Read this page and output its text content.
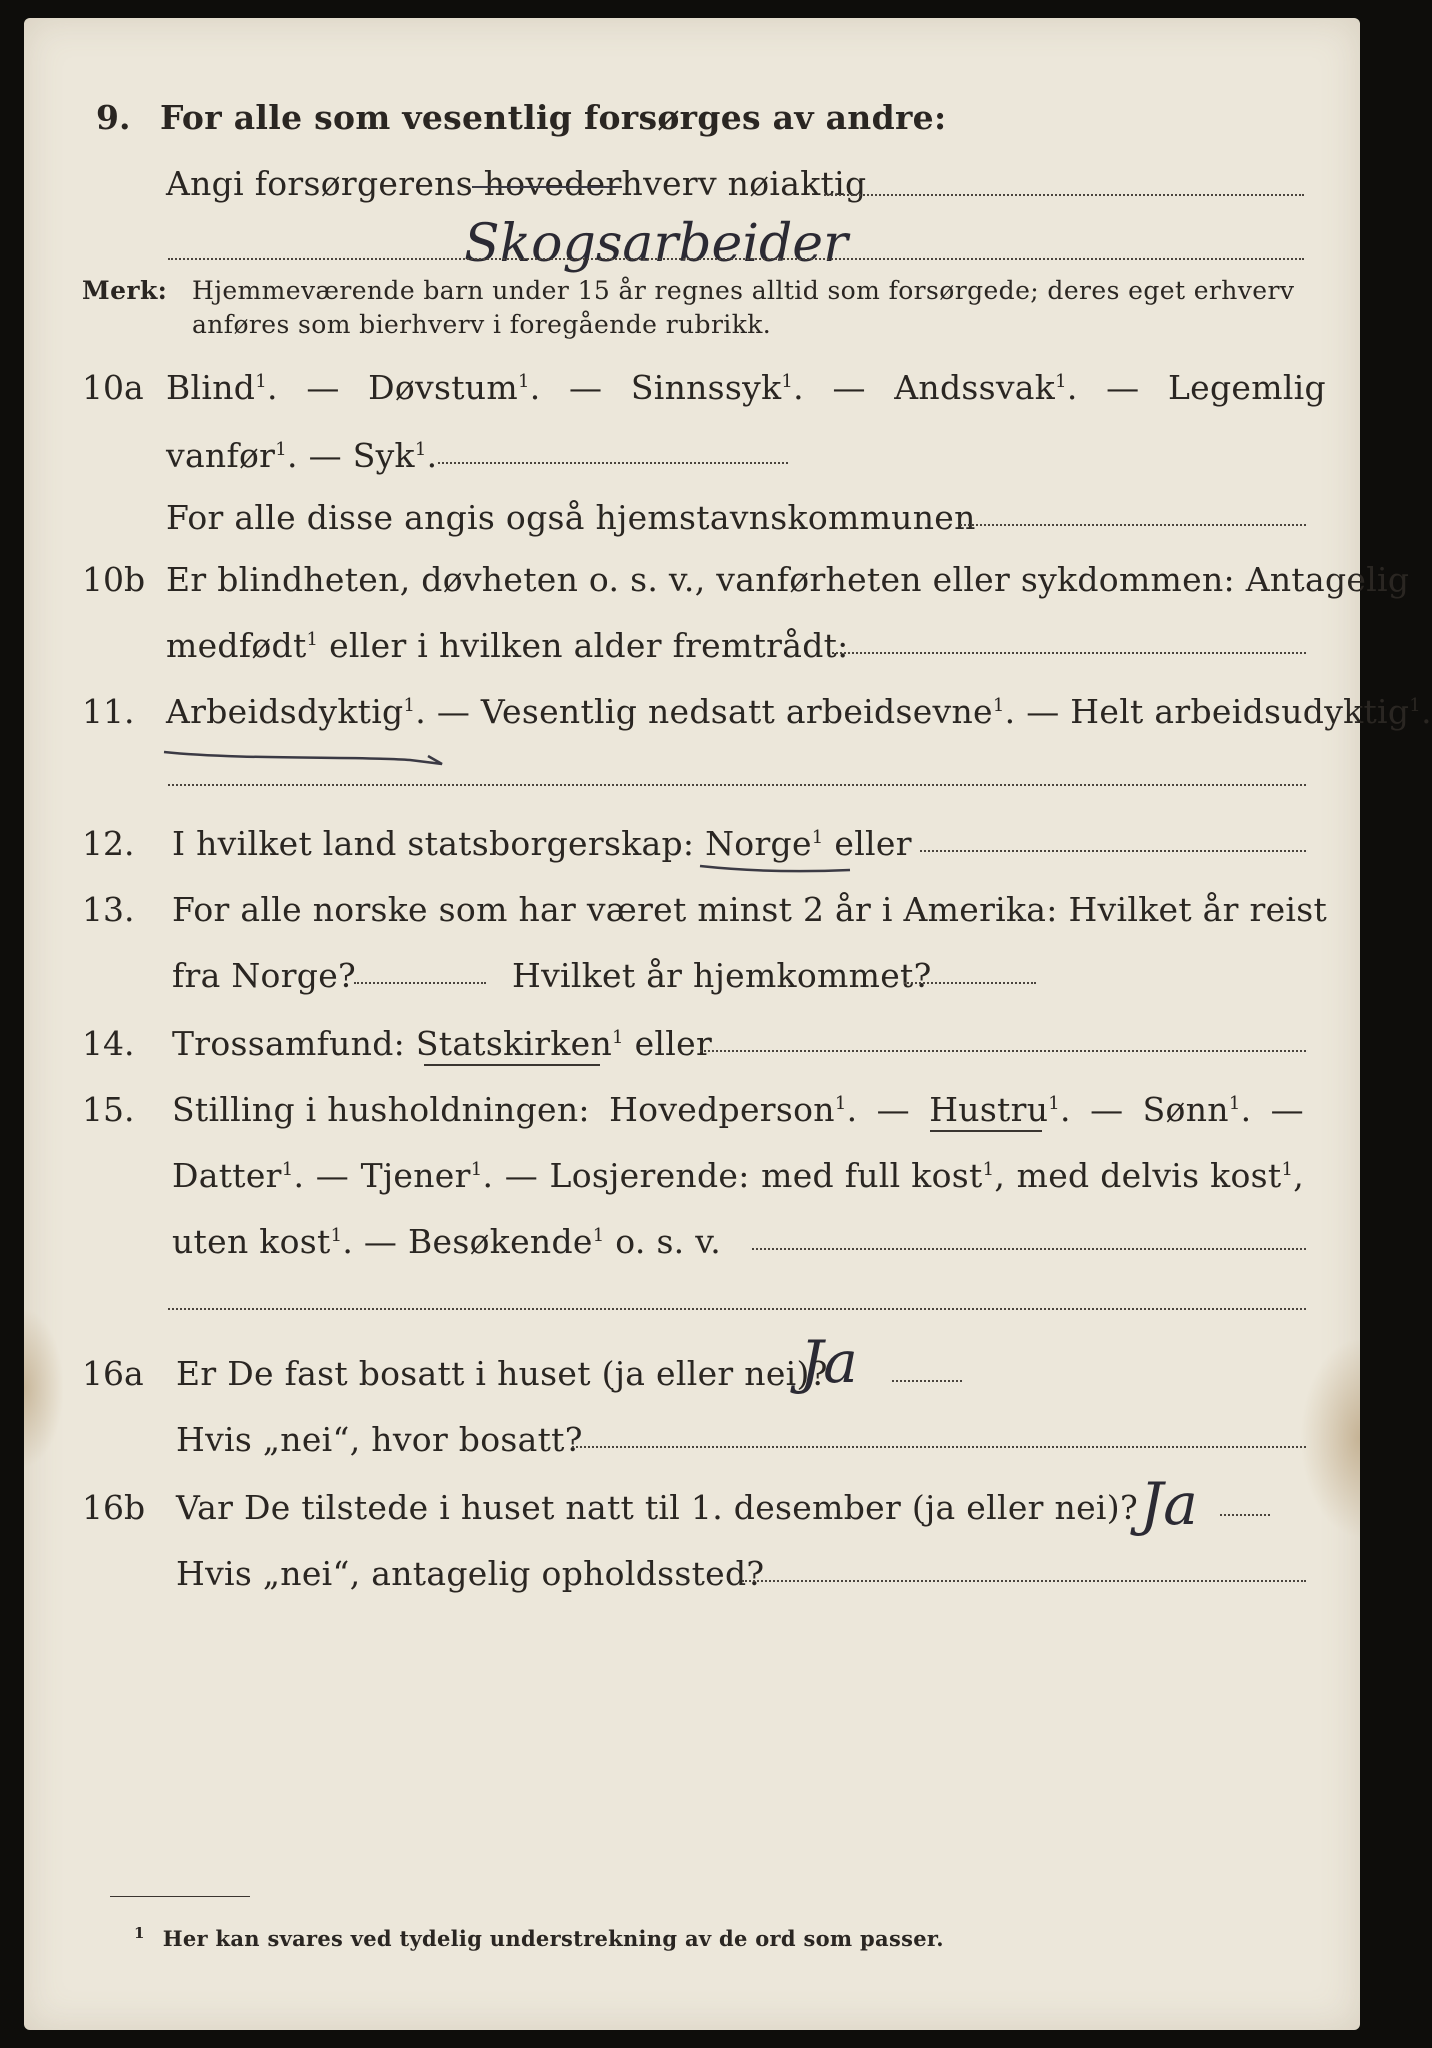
9. For alle som vesentlig forsørges av andre:
Angi forsørgerens hovederhverv nøiaktig
Skogsarbeider
Merk: Hjemmeværende barn under 15 år regnes alltid som forsørgede; deres eget erhverv
anføres som bierhverv i foregående rubrikk.
10a Blind$^1$. — Døvstum$^1$. — Sinnssyk$^1$. — Andssvak$^1$. — Legemlig
vanfør$^1$. — Syk$^1$.
For alle disse angis også hjemstavnskommunen
10b Er blindheten, døvheten o. s. v., vanførheten eller sykdommen: Antagelig
medfødt$^1$ eller i hvilken alder fremtrådt:
11. Arbeidsdyktig$^1$. — Vesentlig nedsatt arbeidsevne$^1$. — Helt arbeidsudyktig$^1$.
12. I hvilket land statsborgerskap: Norge$^1$ eller
13. For alle norske som har været minst 2 år i Amerika: Hvilket år reist
fra Norge?	Hvilket år hjemkommet?
14. Trossamfund: Statskirken$^1$ eller
15. Stilling i husholdningen: Hovedperson$^1$. — Hustru$^1$. — Sønn$^1$. —
Datter$^1$. — Tjener$^1$. — Losjerende: med full kost$^1$, med delvis kost$^1$,
uten kost$^1$. — Besøkende$^1$ o. s. v.
16a Er De fast bosatt i huset (ja eller nei)?
Ja
Hvis „nei“, hvor bosatt?
16b Var De tilstede i huset natt til 1. desember (ja eller nei)? Ja
Hvis „nei“, antagelig opholdssted?
$^1$ Her kan svares ved tydelig understrekning av de ord som passer.
